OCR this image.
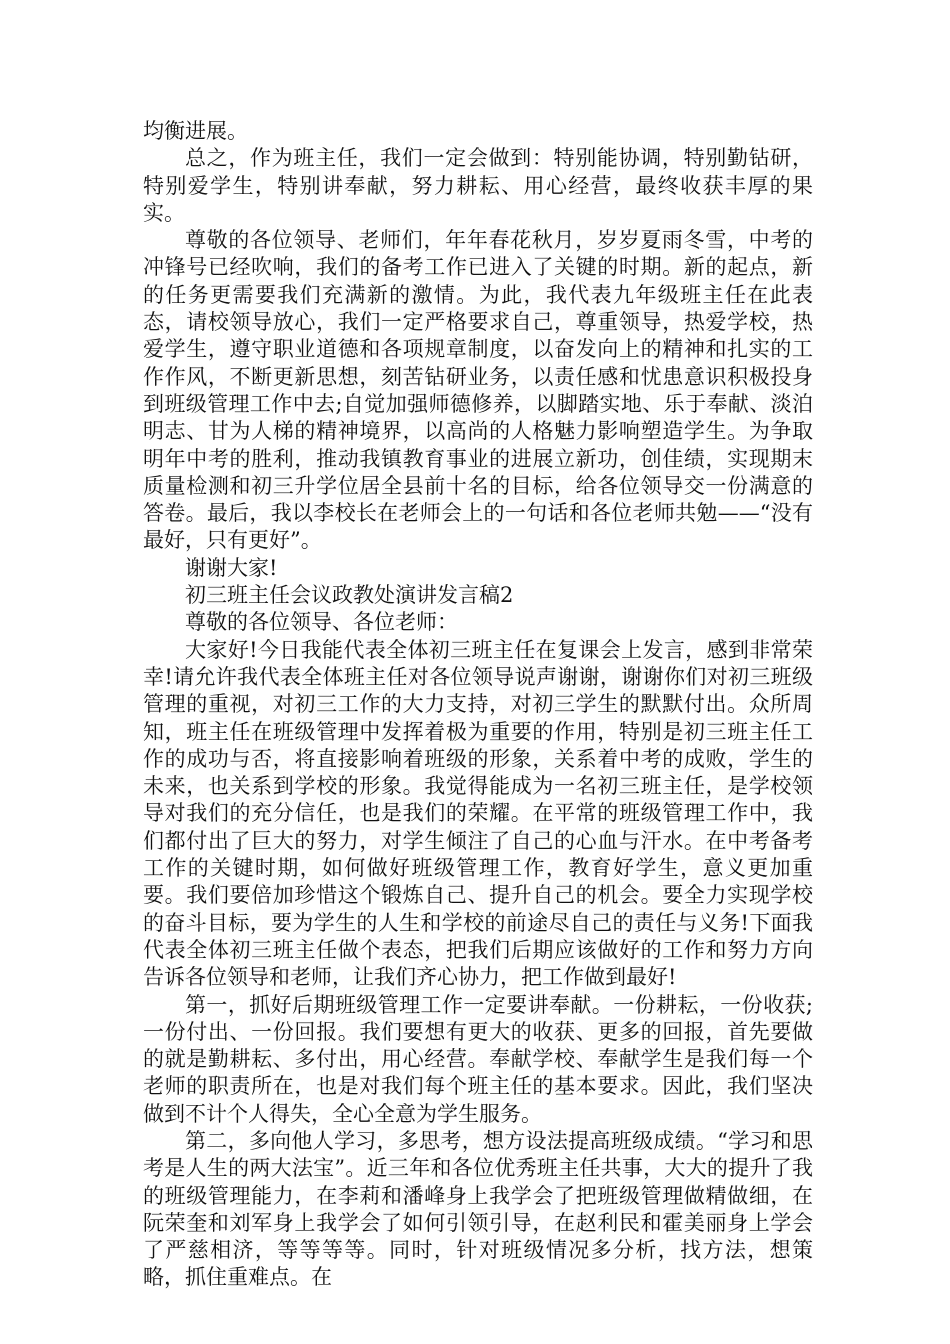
均衡进展。

总之，作为班主任，我们一定会做到：特别能协调，特别勤钻研，特别爱学生，特别讲奉献，努力耕耘、用心经营，最终收获丰厚的果实。

尊敬的各位领导、老师们，年年春花秋月，岁岁夏雨冬雪，中考的冲锋号已经吹响，我们的备考工作已进入了关键的时期。新的起点，新的任务更需要我们充满新的激情。为此，我代表九年级班主任在此表态，请校领导放心，我们一定严格要求自己，尊重领导，热爱学校，热爱学生，遵守职业道德和各项规章制度，以奋发向上的精神和扎实的工作作风，不断更新思想，刻苦钻研业务，以责任感和忧患意识积极投身到班级管理工作中去;自觉加强师德修养，以脚踏实地、乐于奉献、淡泊明志、甘为人梯的精神境界，以高尚的人格魅力影响塑造学生。为争取明年中考的胜利，推动我镇教育事业的进展立新功，创佳绩，实现期末质量检测和初三升学位居全县前十名的目标，给各位领导交一份满意的答卷。最后，我以李校长在老师会上的一句话和各位老师共勉——“没有最好，只有更好”。

谢谢大家!

初三班主任会议政教处演讲发言稿2

尊敬的各位领导、各位老师：

大家好!今日我能代表全体初三班主任在复课会上发言，感到非常荣幸!请允许我代表全体班主任对各位领导说声谢谢，谢谢你们对初三班级管理的重视，对初三工作的大力支持，对初三学生的默默付出。众所周知，班主任在班级管理中发挥着极为重要的作用，特别是初三班主任工作的成功与否，将直接影响着班级的形象，关系着中考的成败，学生的未来，也关系到学校的形象。我觉得能成为一名初三班主任，是学校领导对我们的充分信任，也是我们的荣耀。在平常的班级管理工作中，我们都付出了巨大的努力，对学生倾注了自己的心血与汗水。在中考备考工作的关键时期，如何做好班级管理工作，教育好学生，意义更加重要。我们要倍加珍惜这个锻炼自己、提升自己的机会。要全力实现学校的奋斗目标，要为学生的人生和学校的前途尽自己的责任与义务!下面我代表全体初三班主任做个表态，把我们后期应该做好的工作和努力方向告诉各位领导和老师，让我们齐心协力，把工作做到最好!

第一，抓好后期班级管理工作一定要讲奉献。一份耕耘，一份收获;一份付出、一份回报。我们要想有更大的收获、更多的回报，首先要做的就是勤耕耘、多付出，用心经营。奉献学校、奉献学生是我们每一个老师的职责所在，也是对我们每个班主任的基本要求。因此，我们坚决做到不计个人得失，全心全意为学生服务。

第二，多向他人学习，多思考，想方设法提高班级成绩。“学习和思考是人生的两大法宝”。近三年和各位优秀班主任共事，大大的提升了我的班级管理能力，在李莉和潘峰身上我学会了把班级管理做精做细，在阮荣奎和刘军身上我学会了如何引领引导，在赵利民和霍美丽身上学会了严慈相济，等等等等。同时，针对班级情况多分析，找方法，想策略，抓住重难点。在
